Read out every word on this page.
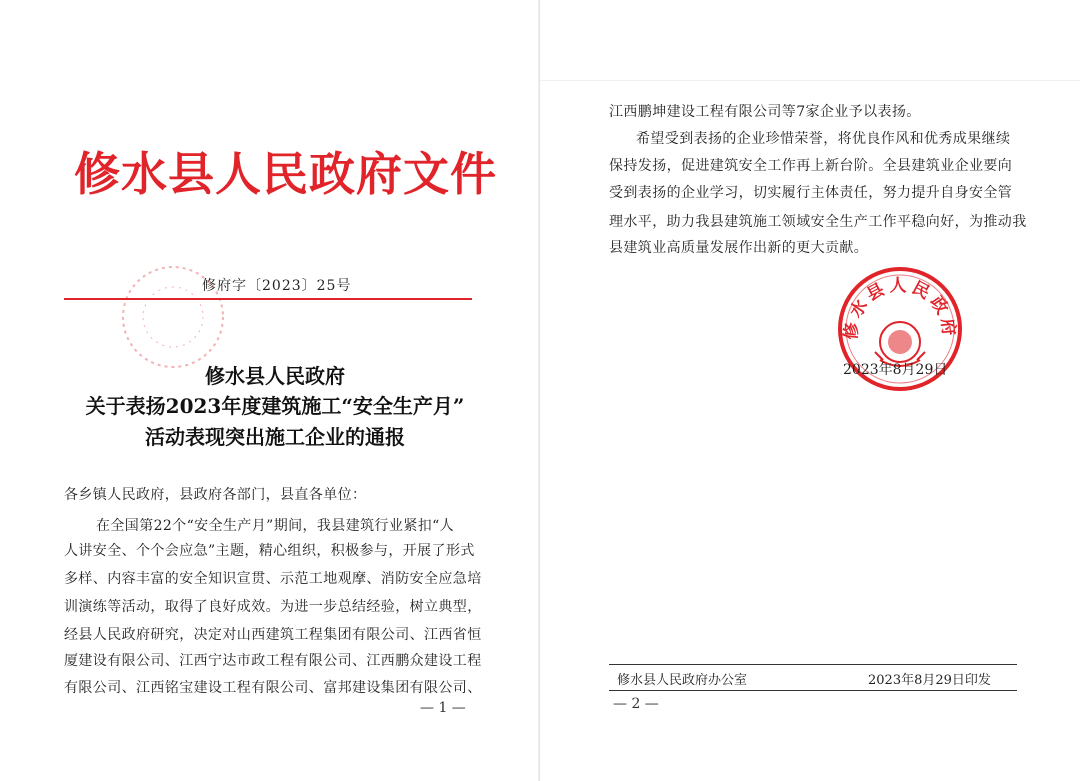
修水县人民政府文件
修府字〔2023〕25号
修水县人民政府
关于表扬2023年度建筑施工“安全生产月”
活动表现突出施工企业的通报
各乡镇人民政府，县政府各部门，县直各单位：
在全国第22个“安全生产月”期间，我县建筑行业紧扣“人
人讲安全、个个会应急”主题，精心组织，积极参与，开展了形式
多样、内容丰富的安全知识宣贯、示范工地观摩、消防安全应急培
训演练等活动，取得了良好成效。为进一步总结经验，树立典型，
经县人民政府研究，决定对山西建筑工程集团有限公司、江西省恒
厦建设有限公司、江西宁达市政工程有限公司、江西鹏众建设工程
有限公司、江西铭宝建设工程有限公司、富邦建设集团有限公司、
— 1 —
江西鹏坤建设工程有限公司等7家企业予以表扬。
希望受到表扬的企业珍惜荣誉，将优良作风和优秀成果继续
保持发扬，促进建筑安全工作再上新台阶。全县建筑业企业要向
受到表扬的企业学习，切实履行主体责任，努力提升自身安全管
理水平，助力我县建筑施工领域安全生产工作平稳向好，为推动我
县建筑业高质量发展作出新的更大贡献。
修水县人民政府
2023年8月29日
修水县人民政府办公室	2023年8月29日印发
— 2 —
